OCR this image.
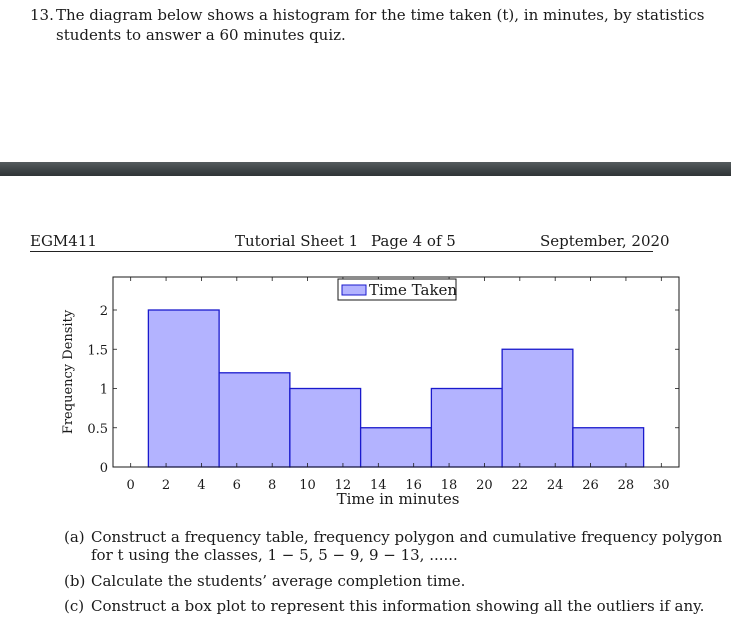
13. The diagram below shows a histogram for the time taken (t), in minutes, by statistics
students to answer a 60 minutes quiz.
EGM411	Tutorial Sheet 1 Page 4 of 5	September, 2020
0 2 4 6 8 10 12 14 16 18 20 22 24 26 28 30
0
0.5
1
1.5
2
Time Taken
Time in minutes
Frequency Density
(a) Construct a frequency table, frequency polygon and cumulative frequency polygon
for t using the classes, 1 − 5, 5 − 9, 9 − 13, ......
(b) Calculate the students’ average completion time.
(c) Construct a box plot to represent this information showing all the outliers if any.
